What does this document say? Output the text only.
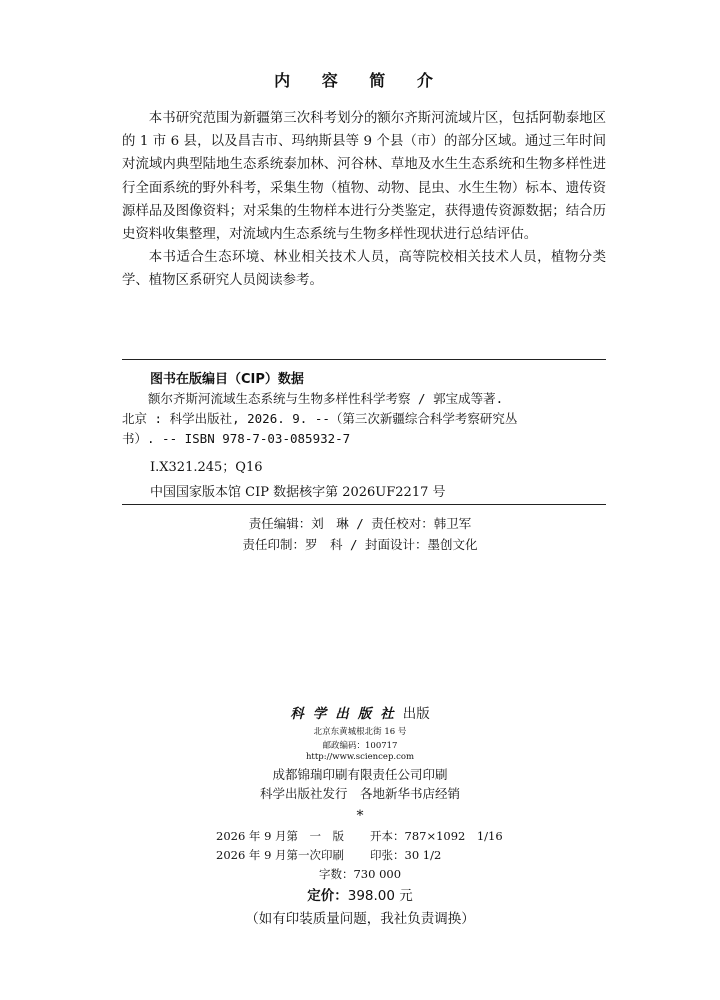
内 容 简 介

本书研究范围为新疆第三次科考划分的额尔齐斯河流域片区，包括阿勒泰地区的 1 市 6 县，以及昌吉市、玛纳斯县等 9 个县（市）的部分区域。通过三年时间对流域内典型陆地生态系统泰加林、河谷林、草地及水生生态系统和生物多样性进行全面系统的野外科考，采集生物（植物、动物、昆虫、水生生物）标本、遗传资源样品及图像资料；对采集的生物样本进行分类鉴定，获得遗传资源数据；结合历史资料收集整理，对流域内生态系统与生物多样性现状进行总结评估。

本书适合生态环境、林业相关技术人员，高等院校相关技术人员，植物分类学、植物区系研究人员阅读参考。

图书在版编目（CIP）数据
额尔齐斯河流域生态系统与生物多样性科学考察 / 郭宝成等著.
北京 : 科学出版社, 2026. 9. --（第三次新疆综合科学考察研究丛
书）. -- ISBN 978-7-03-085932-7
Ⅰ.X321.245；Q16
中国国家版本馆 CIP 数据核字第 2026UF2217 号
责任编辑：刘　琳 / 责任校对：韩卫军
责任印制：罗　科 / 封面设计：墨创文化
科学出版社出版
北京东黄城根北街 16 号
邮政编码：100717
http://www.sciencep.com
成都锦瑞印刷有限责任公司印刷
科学出版社发行　各地新华书店经销
*
2026 年 9 月第　一　版 开本：787×1092　1/16
2026 年 9 月第一次印刷 印张：30 1/2
字数：730 000
定价：398.00 元
（如有印装质量问题，我社负责调换）
